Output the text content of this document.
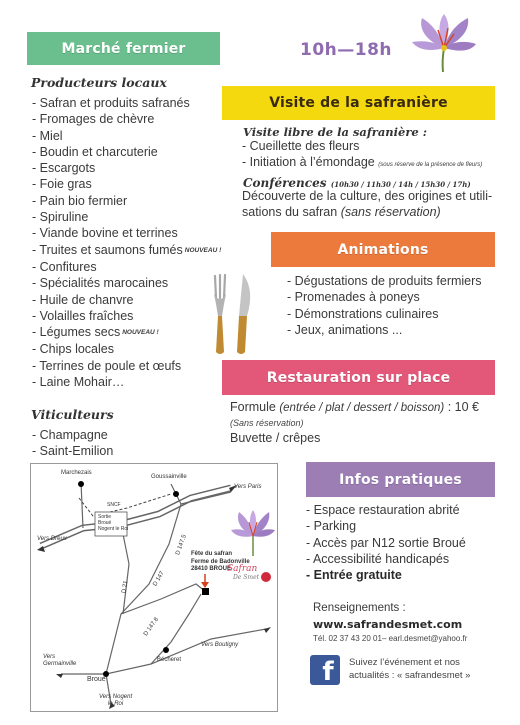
Marché fermier	10h—18h
Producteurs locaux
- Safran et produits safranés
- Fromages de chèvre
- Miel
- Boudin et charcuterie
- Escargots
- Foie gras
- Pain bio fermier
- Spiruline
- Viande bovine et terrines
- Truites et saumons fumés NOUVEAU !
- Confitures
- Spécialités marocaines
- Huile de chanvre
- Volailles fraîches
- Légumes secs NOUVEAU !
- Chips locales
- Terrines de poule et œufs
- Laine Mohair…
Viticulteurs
- Champagne
- Saint-Emilion
Visite de la safranière
Visite libre de la safranière :
- Cueillette des fleurs
- Initiation à l’émondage (sous réserve de la présence de fleurs)
Conférences (10h30 / 11h30 / 14h / 15h30 / 17h)
Découverte de la culture, des origines et utili-
sations du safran (sans réservation)
Animations
- Dégustations de produits fermiers
- Promenades à poneys
- Démonstrations culinaires
- Jeux, animations ...
Restauration sur place
Formule (entrée / plat / dessert / boisson) : 10 €
(Sans réservation)
Buvette / crêpes
Infos pratiques
- Espace restauration abrité
- Parking
- Accès par N12 sortie Broué
- Accessibilité handicapés
- Entrée gratuite
Renseignements :
www.safrandesmet.com
Tél. 02 37 43 20 01– earl.desmet@yahoo.fr
f Suivez l’événement et nos
actualités : « safrandesmet »
Marchezais
Goussainville
SNCF
Sortie
Broué
Nogent le Roi
Vers Paris
Vers Dreux
Fête du safran
Ferme de Badonville
28410 BROUE
D 147
D 147.5
D 21
D 147.8
Bécheret
Vers Boutigny
Vers
Germainville
Broué
Vers Nogent
le Roi
Safran
De Smet
